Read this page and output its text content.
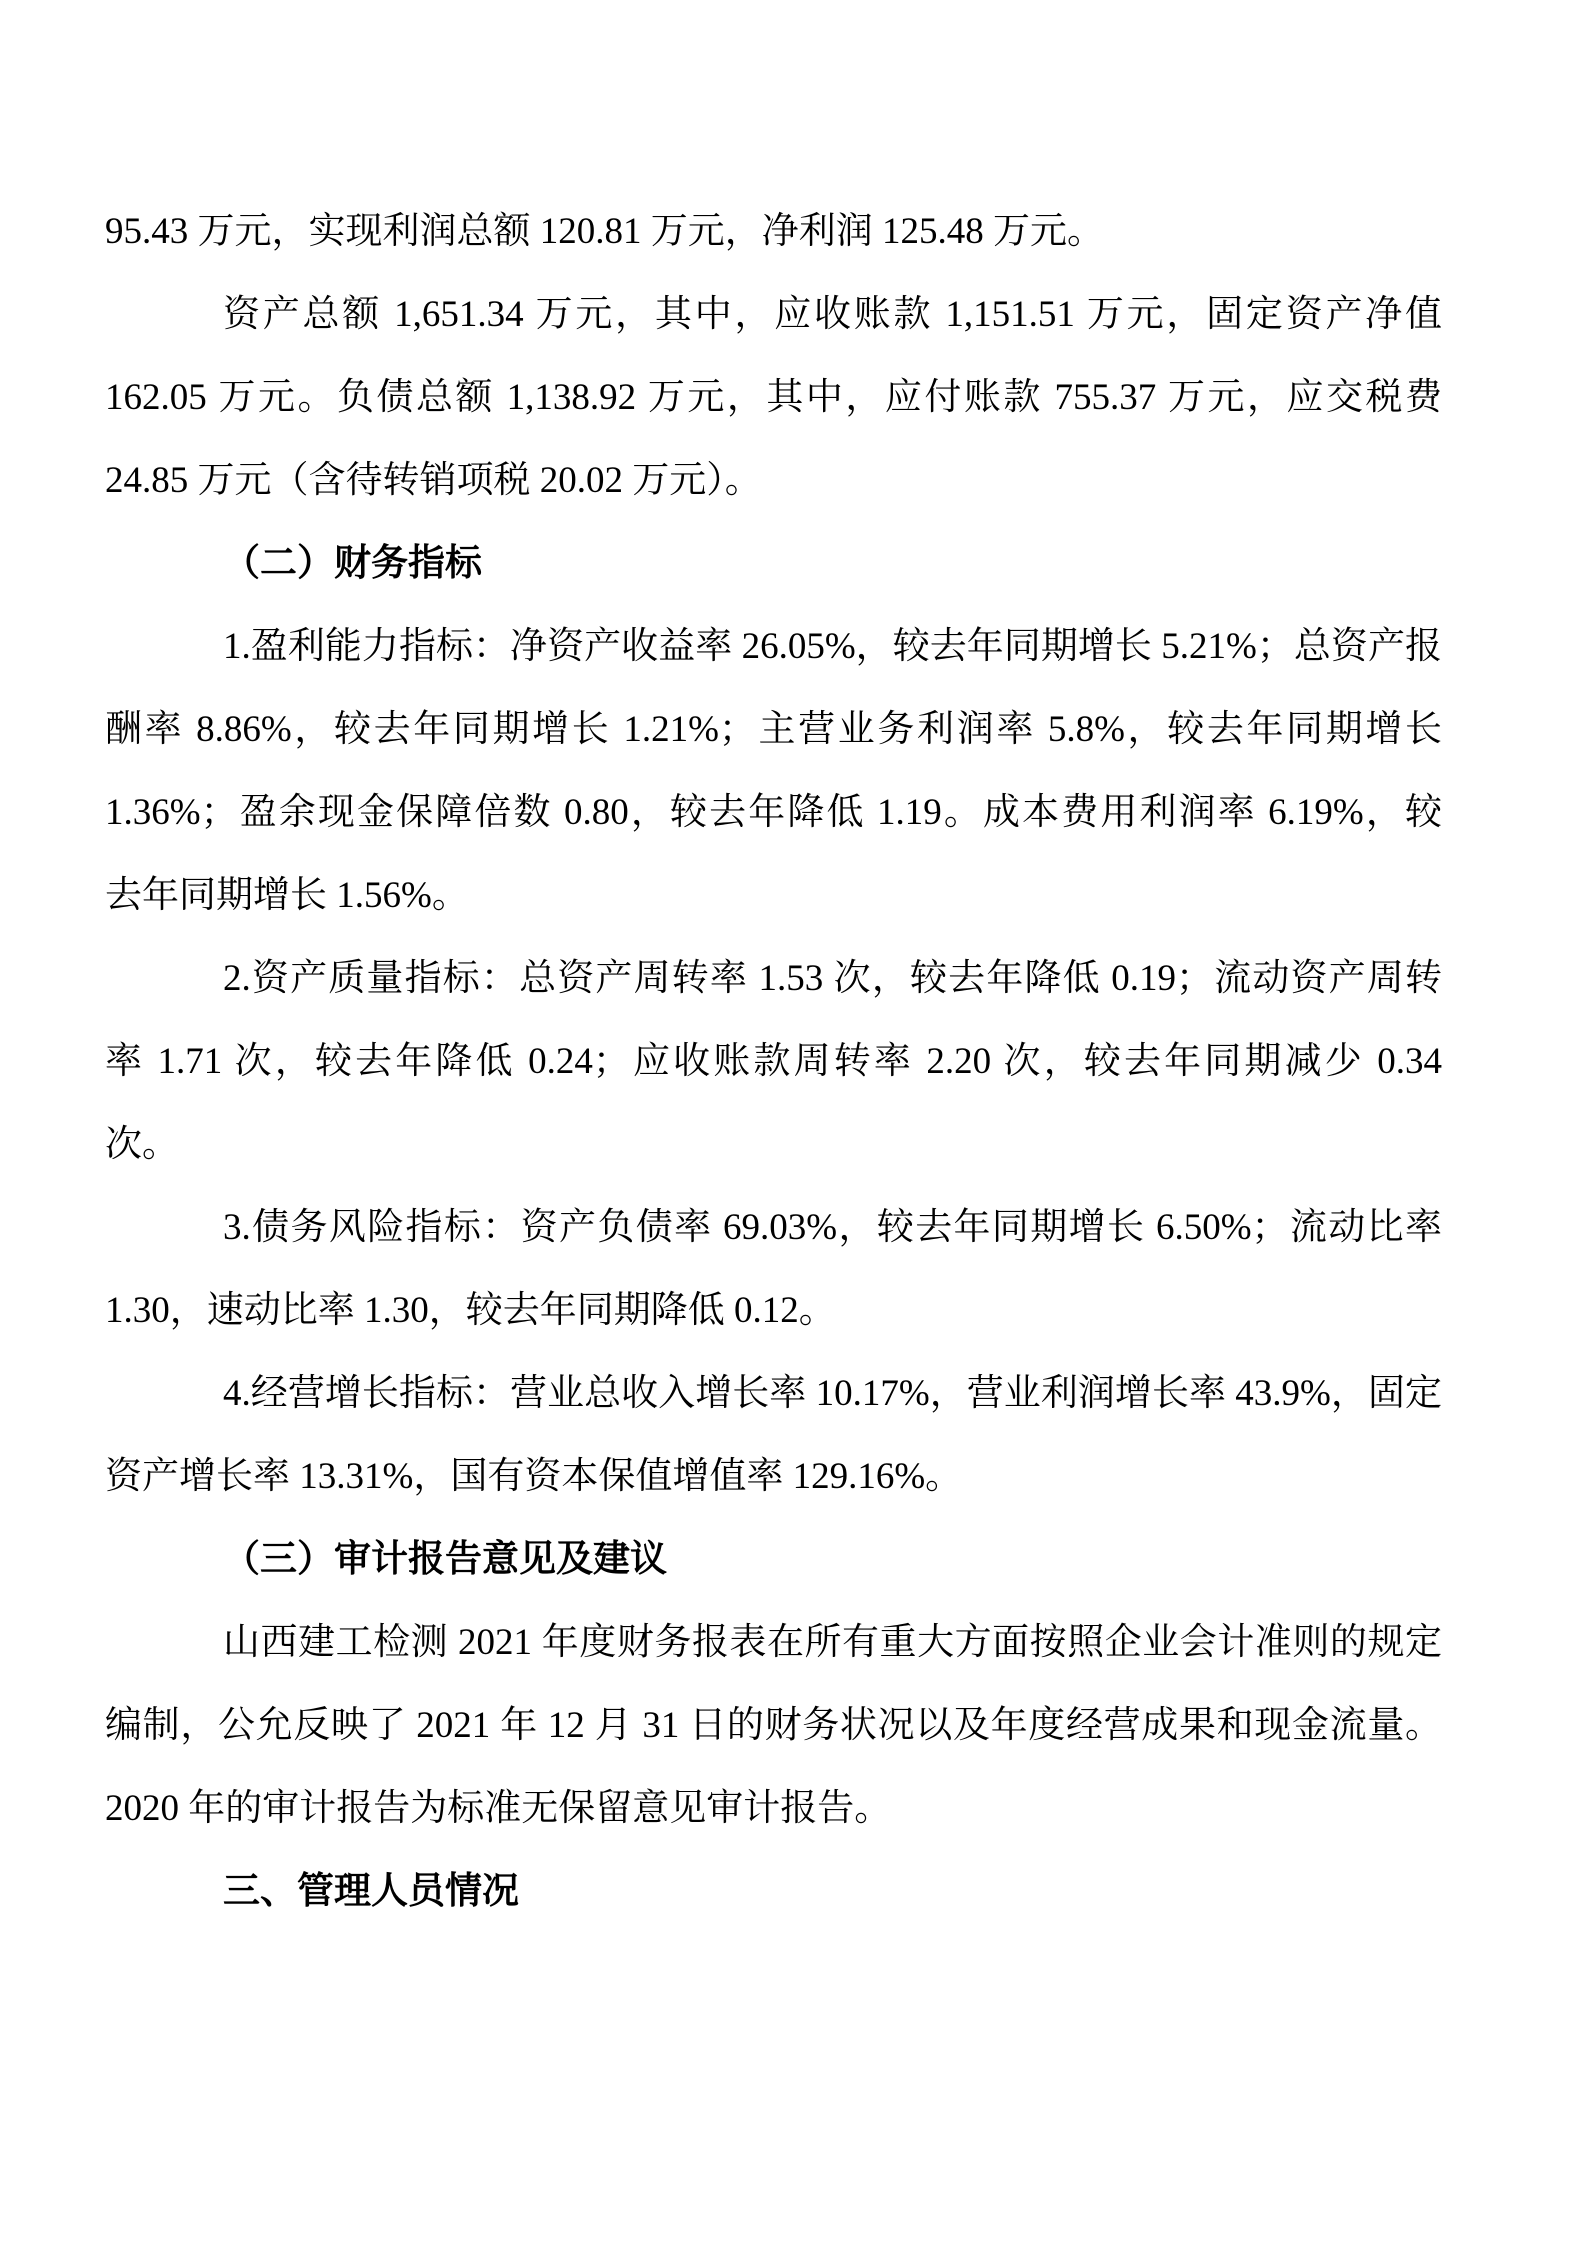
95.43 万元，实现利润总额 120.81 万元，净利润 125.48 万元。
资产总额 1,651.34 万元，其中，应收账款 1,151.51 万元，固定资产净值
162.05 万元。负债总额 1,138.92 万元，其中，应付账款 755.37 万元，应交税费
24.85 万元（含待转销项税 20.02 万元）。
（二）财务指标
1.盈利能力指标：净资产收益率 26.05%，较去年同期增长 5.21%；总资产报
酬率 8.86%，较去年同期增长 1.21%；主营业务利润率 5.8%，较去年同期增长
1.36%；盈余现金保障倍数 0.80，较去年降低 1.19。成本费用利润率 6.19%，较
去年同期增长 1.56%。
2.资产质量指标：总资产周转率 1.53 次，较去年降低 0.19；流动资产周转
率 1.71 次，较去年降低 0.24；应收账款周转率 2.20 次，较去年同期减少 0.34
次。
3.债务风险指标：资产负债率 69.03%，较去年同期增长 6.50%；流动比率
1.30，速动比率 1.30，较去年同期降低 0.12。
4.经营增长指标：营业总收入增长率 10.17%，营业利润增长率 43.9%，固定
资产增长率 13.31%，国有资本保值增值率 129.16%。
（三）审计报告意见及建议
山西建工检测 2021 年度财务报表在所有重大方面按照企业会计准则的规定
编制，公允反映了 2021 年 12 月 31 日的财务状况以及年度经营成果和现金流量。
2020 年的审计报告为标准无保留意见审计报告。
三、管理人员情况
